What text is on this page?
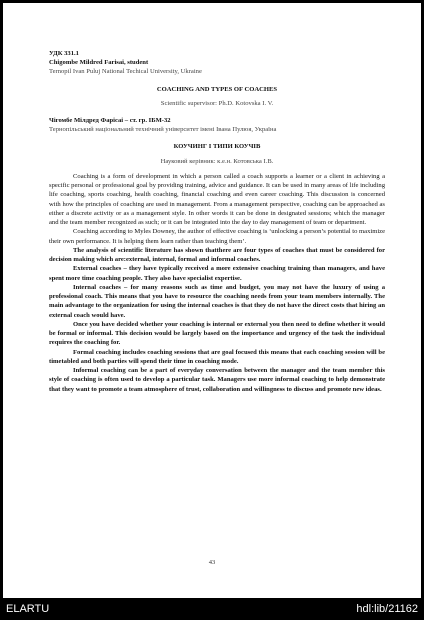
УДК 331.1
Chigombe Mildred Farisai, student
Ternopil Ivan Puluj National Techical University, Ukraine
COACHING AND TYPES OF COACHES
Scientific supervisor: Ph.D. Kotovska I. V.
Чігомбе Мілдред Фарісаі – ст. гр. ІБМ-32
Тернопільський національний технічний університет імені Івана Пулюя, Україна
КОУЧИНГ І ТИПИ КОУЧІВ
Науковий керівник: к.е.н. Котовська І.В.

Coaching is a form of development in which a person called a coach supports a learner or a client in achieving a specific personal or professional goal by providing training, advice and guidance. It can be used in many areas of life including life coaching, sports coaching, health coaching, financial coaching and even career coaching. This discussion is concerned with how the principles of coaching are used in management. From a management perspective, coaching can be approached as either a discrete activity or as a management style. In other words it can be done in designated sessions; which the manager and the team member recognized as such; or it can be integrated into the day to day management of team or department.

Coaching according to Myles Downey, the author of effective coaching is ‘unlocking a person’s potential to maximize their own performance. It is helping them learn rather than teaching them’.

The analysis of scientific literature has shown thatthere are four types of coaches that must be considered for decision making which are:external, internal, formal and informal coaches.

External coaches – they have typically received a more extensive coaching training than managers, and have spent more time coaching people. They also have specialist expertise.

Internal coaches – for many reasons such as time and budget, you may not have the luxury of using a professional coach. This means that you have to resource the coaching needs from your team members internally. The main advantage to the organization for using the internal coaches is that they do not have the direct costs that hiring an external coach would have.

Once you have decided whether your coaching is internal or external you then need to define whether it would be formal or informal. This decision would be largely based on the importance and urgency of the task the individual requires the coaching for.

Formal coaching includes coaching sessions that are goal focused this means that each coaching session will be timetabled and both parties will spend their time in coaching mode.

Informal coaching can be a part of everyday conversation between the manager and the team member this style of coaching is often used to develop a particular task. Managers use more informal coaching to help demonstrate that they want to promote a team atmosphere of trust, collaboration and willingness to discuss and promote new ideas.

43
ELARTU	hdl:lib/21162
